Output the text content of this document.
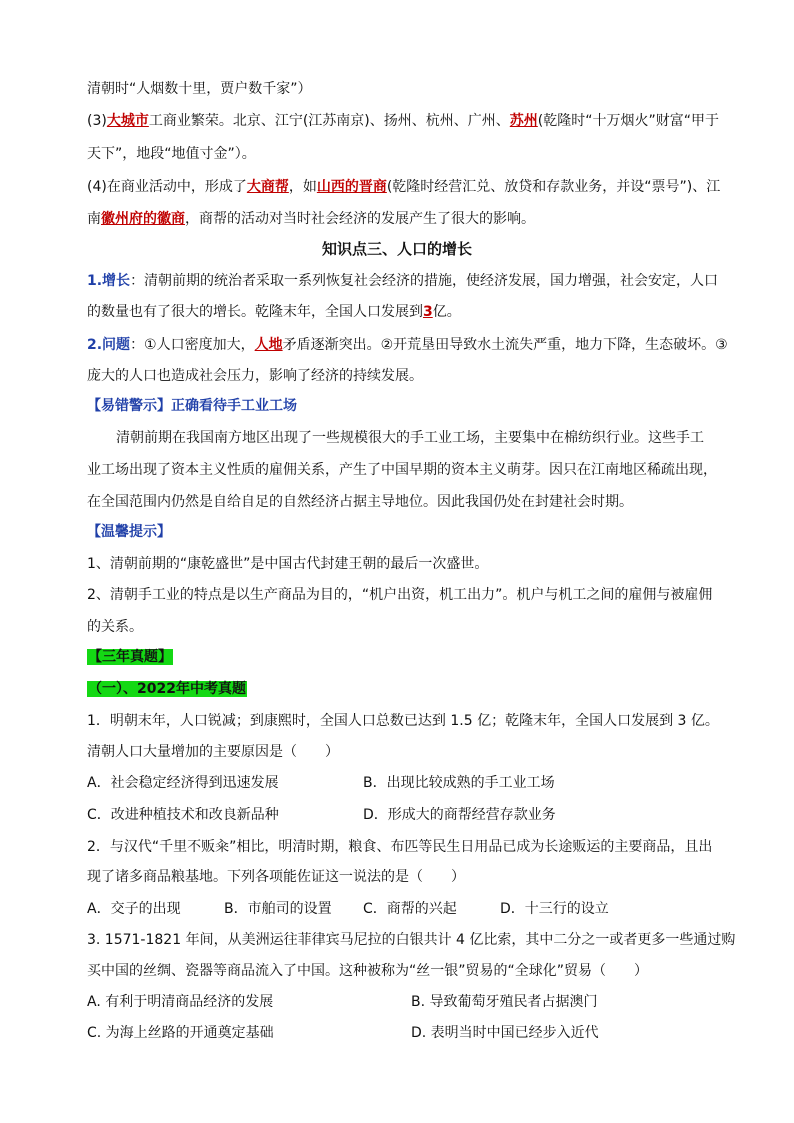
清朝时“人烟数十里，贾户数千家”）
(3)大城市工商业繁荣。北京、江宁(江苏南京)、扬州、杭州、广州、苏州(乾隆时“十万烟火”财富“甲于
天下”，地段“地值寸金”）。
(4)在商业活动中，形成了大商帮，如山西的晋商(乾隆时经营汇兑、放贷和存款业务，并设“票号”)、江
南徽州府的徽商，商帮的活动对当时社会经济的发展产生了很大的影响。
知识点三、人口的增长
1.增长：清朝前期的统治者采取一系列恢复社会经济的措施，使经济发展，国力增强，社会安定，人口
的数量也有了很大的增长。乾隆末年，全国人口发展到3亿。
2.问题：①人口密度加大，人地矛盾逐渐突出。②开荒垦田导致水土流失严重，地力下降，生态破坏。③
庞大的人口也造成社会压力，影响了经济的持续发展。
【易错警示】正确看待手工业工场
清朝前期在我国南方地区出现了一些规模很大的手工业工场，主要集中在棉纺织行业。这些手工
业工场出现了资本主义性质的雇佣关系，产生了中国早期的资本主义萌芽。因只在江南地区稀疏出现，
在全国范围内仍然是自给自足的自然经济占据主导地位。因此我国仍处在封建社会时期。
【温馨提示】
1、清朝前期的“康乾盛世”是中国古代封建王朝的最后一次盛世。
2、清朝手工业的特点是以生产商品为目的，“机户出资，机工出力”。机户与机工之间的雇佣与被雇佣
的关系。
【三年真题】
（一）、2022年中考真题
1．明朝末年，人口锐减；到康熙时，全国人口总数已达到 1.5 亿；乾隆末年，全国人口发展到 3 亿。
清朝人口大量增加的主要原因是（　　）
A．社会稳定经济得到迅速发展	B．出现比较成熟的手工业工场
C．改进种植技术和改良新品种	D．形成大的商帮经营存款业务
2．与汉代“千里不贩籴”相比，明清时期，粮食、布匹等民生日用品已成为长途贩运的主要商品，且出
现了诸多商品粮基地。下列各项能佐证这一说法的是（　　）
A．交子的出现	B．市舶司的设置 C．商帮的兴起	D．十三行的设立
3. 1571-1821 年间，从美洲运往菲律宾马尼拉的白银共计 4 亿比索，其中二分之一或者更多一些通过购
买中国的丝绸、瓷器等商品流入了中国。这种被称为“丝一银”贸易的“全球化”贸易（　　）
A. 有利于明清商品经济的发展	B. 导致葡萄牙殖民者占据澳门
C. 为海上丝路的开通奠定基础	D. 表明当时中国已经步入近代
